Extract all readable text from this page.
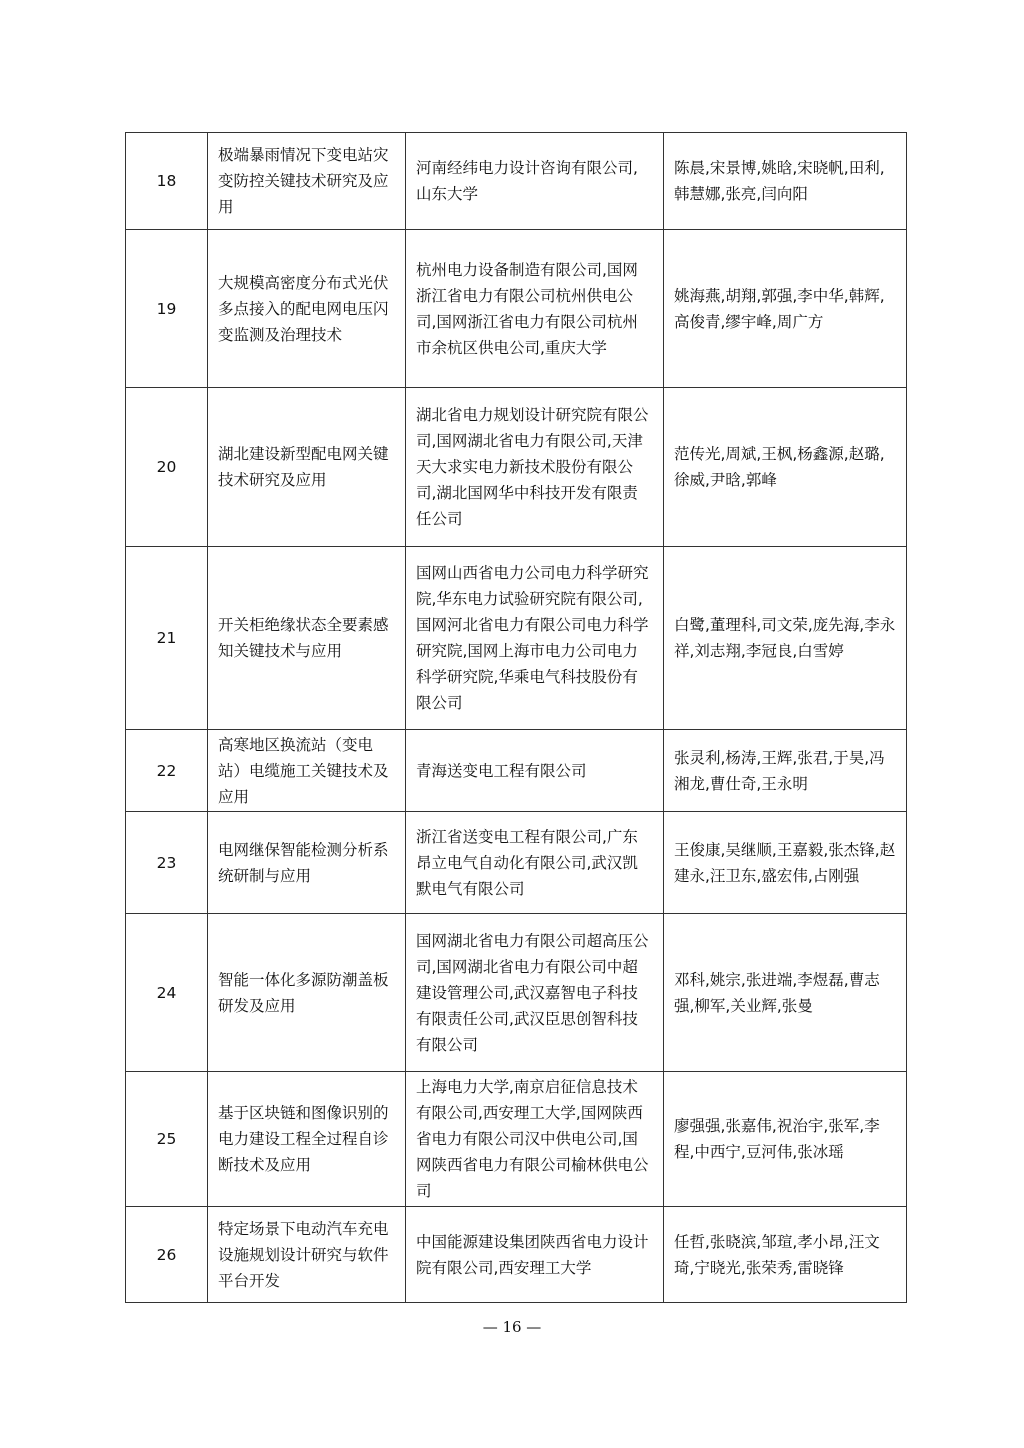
18	极端暴雨情况下变电站灾变防控关键技术研究及应用	河南经纬电力设计咨询有限公司,山东大学	陈晨,宋景博,姚晗,宋晓帆,田利,韩慧娜,张亮,闫向阳
19	大规模高密度分布式光伏多点接入的配电网电压闪变监测及治理技术	杭州电力设备制造有限公司,国网浙江省电力有限公司杭州供电公司,国网浙江省电力有限公司杭州市余杭区供电公司,重庆大学	姚海燕,胡翔,郭强,李中华,韩辉,高俊青,缪宇峰,周广方
20	湖北建设新型配电网关键技术研究及应用	湖北省电力规划设计研究院有限公司,国网湖北省电力有限公司,天津天大求实电力新技术股份有限公司,湖北国网华中科技开发有限责任公司	范传光,周斌,王枫,杨鑫源,赵璐,徐威,尹晗,郭峰
21	开关柜绝缘状态全要素感知关键技术与应用	国网山西省电力公司电力科学研究院,华东电力试验研究院有限公司,国网河北省电力有限公司电力科学研究院,国网上海市电力公司电力科学研究院,华乘电气科技股份有限公司	白鹭,董理科,司文荣,庞先海,李永祥,刘志翔,李冠良,白雪婷
22	高寒地区换流站（变电站）电缆施工关键技术及应用	青海送变电工程有限公司	张灵利,杨涛,王辉,张君,于昊,冯湘龙,曹仕奇,王永明
23	电网继保智能检测分析系统研制与应用	浙江省送变电工程有限公司,广东昂立电气自动化有限公司,武汉凯默电气有限公司	王俊康,吴继顺,王嘉毅,张杰锋,赵建永,汪卫东,盛宏伟,占刚强
24	智能一体化多源防潮盖板研发及应用	国网湖北省电力有限公司超高压公司,国网湖北省电力有限公司中超建设管理公司,武汉嘉智电子科技有限责任公司,武汉臣思创智科技有限公司	邓科,姚宗,张进端,李煜磊,曹志强,柳军,关业辉,张曼
25	基于区块链和图像识别的电力建设工程全过程自诊断技术及应用	上海电力大学,南京启征信息技术有限公司,西安理工大学,国网陕西省电力有限公司汉中供电公司,国网陕西省电力有限公司榆林供电公司	廖强强,张嘉伟,祝治宇,张军,李程,中西宁,豆河伟,张冰瑶
26	特定场景下电动汽车充电设施规划设计研究与软件平台开发	中国能源建设集团陕西省电力设计院有限公司,西安理工大学	任哲,张晓滨,邹瑄,孝小昂,汪文琦,宁晓光,张荣秀,雷晓锋
— 16 —
